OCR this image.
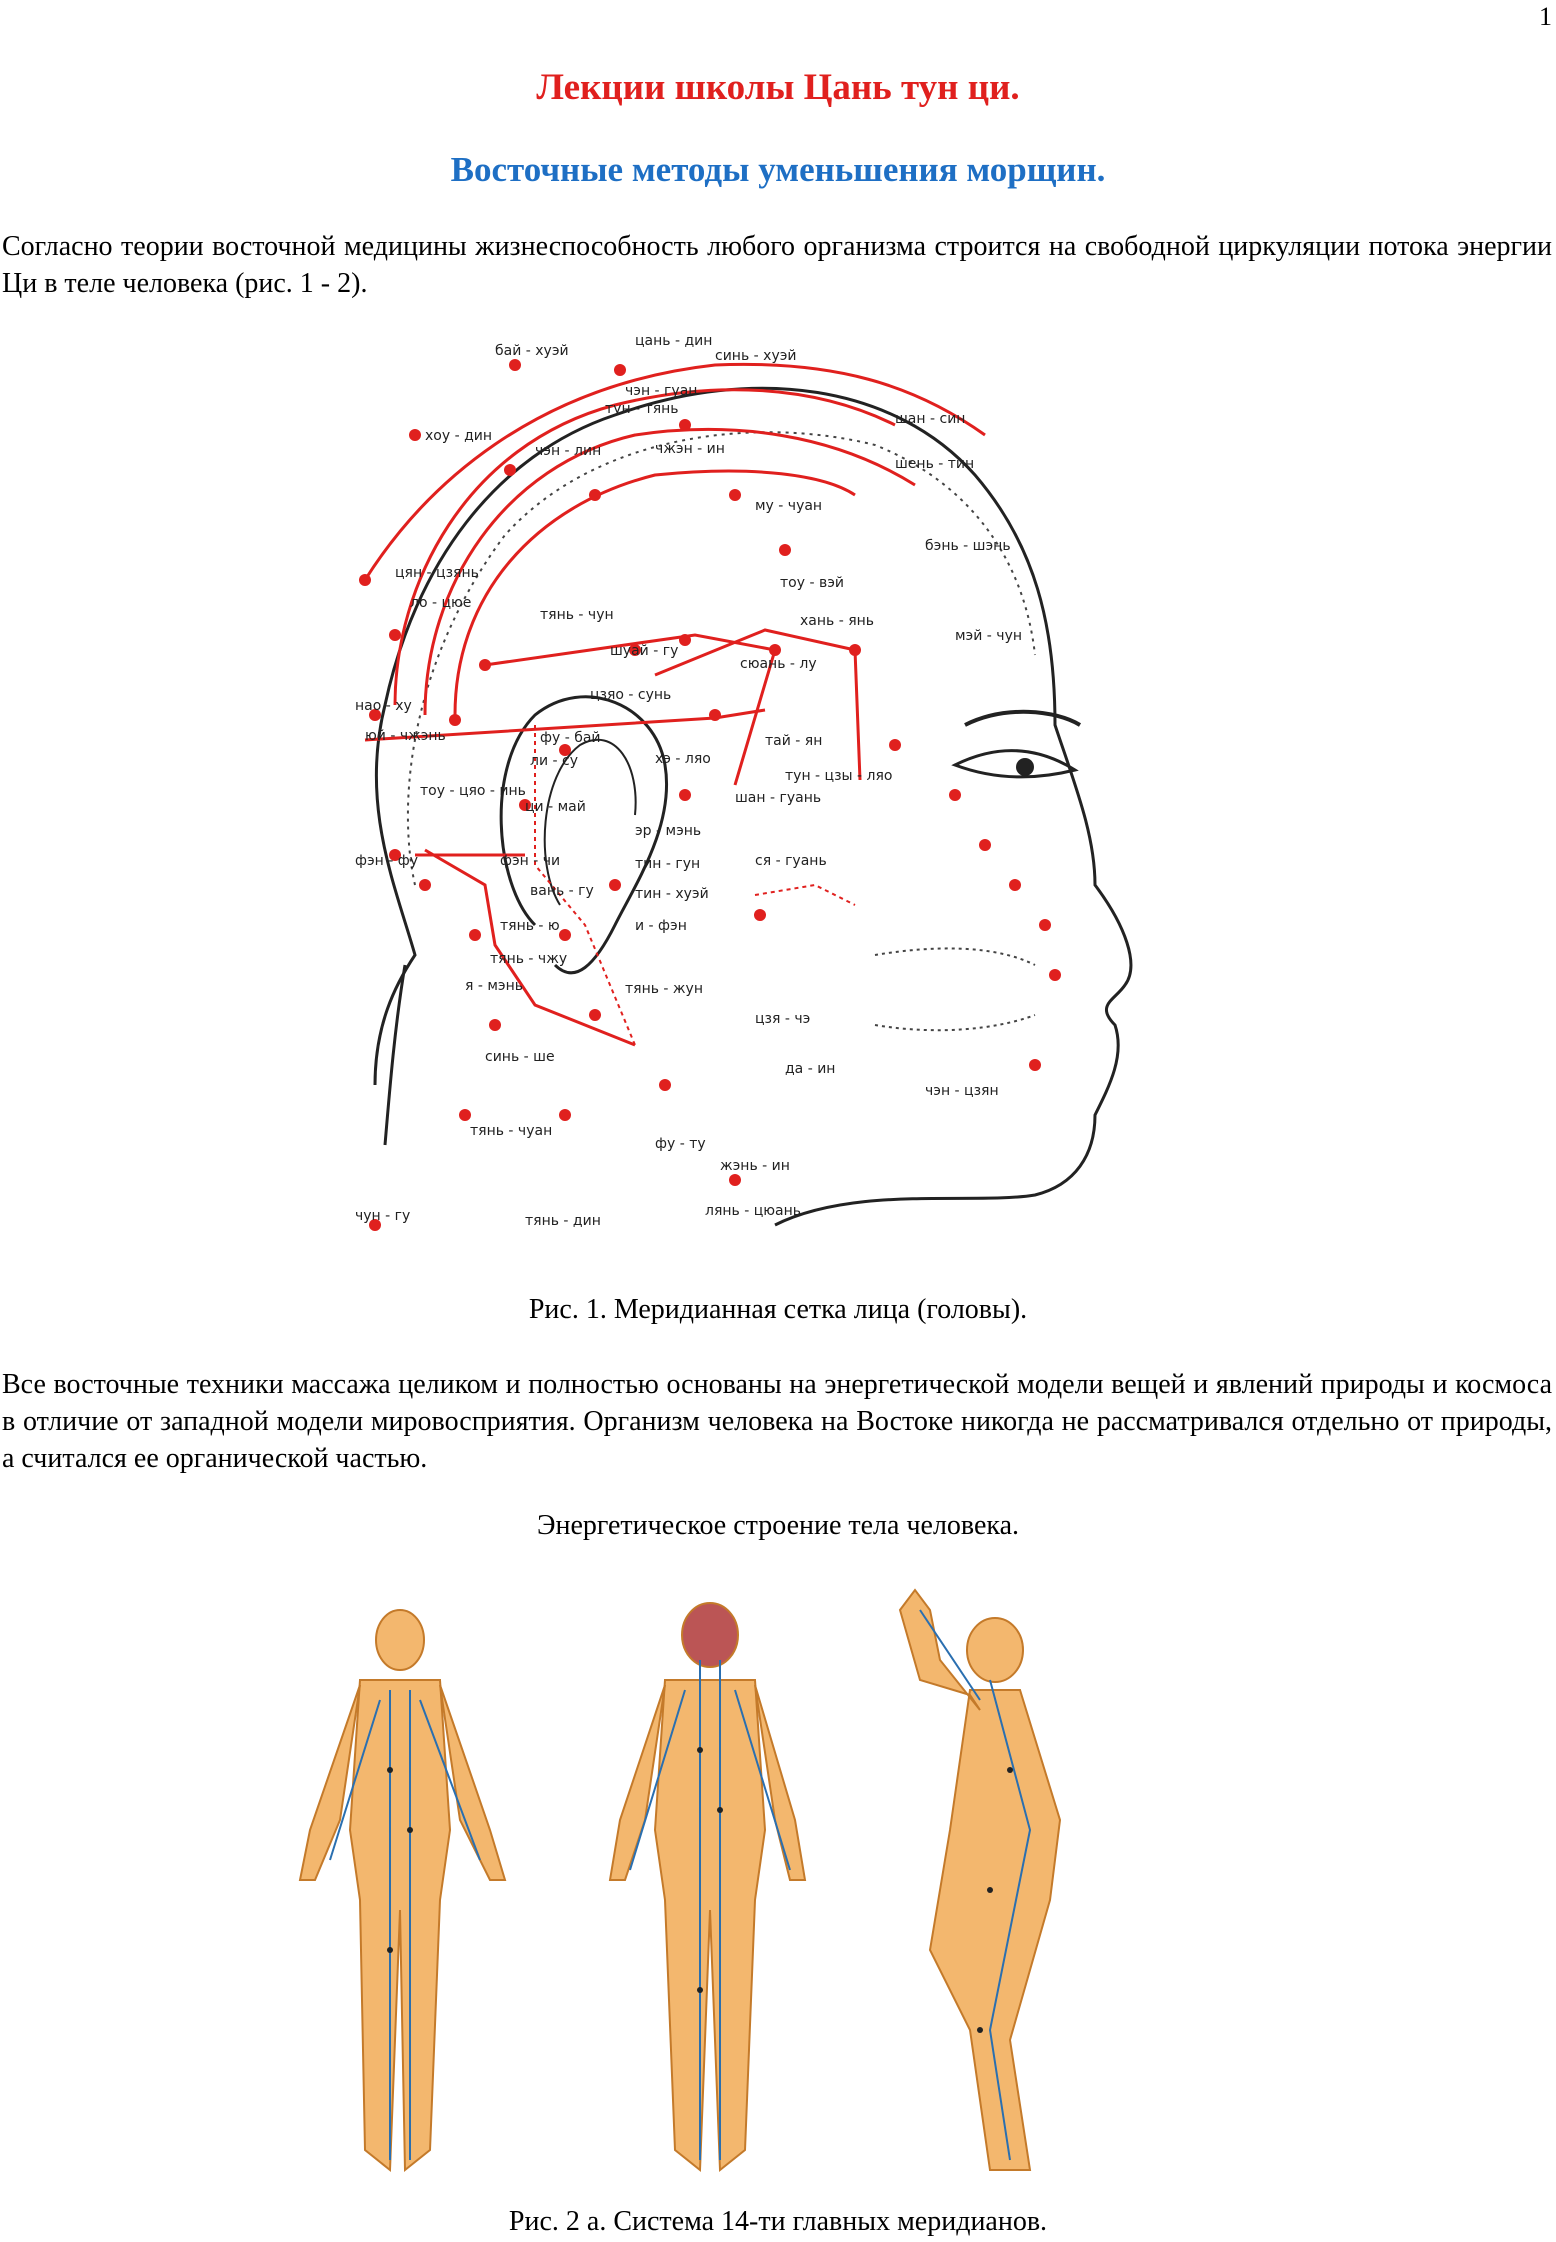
1
Лекции школы Цань тун ци.
Восточные методы уменьшения морщин.
Согласно теории восточной медицины жизнеспособность любого организма строится на свободной циркуляции потока энергии Ци в теле человека (рис. 1 - 2).
цань - дин
бай - хуэй	синь - хуэй
чэн - гуан
тун - тянь
шан - син
хоу - дин
чэн - лин	чжэн - ин
шень - тин
му - чуан
бэнь - шэнь
цян - цзянь
ло - цюе
тоу - вэй
тянь - чун
шуай - гу
хань - янь
мэй - чун
сюань - лу
цзяо - сунь
нао - ху
фу - бай
юй - чжэнь
ли - су
тай - ян
тоу - цяо - инь
ци - май
хэ - ляо
тун - цзы - ляо
шан - гуань
эр - мэнь
тин - гун	ся - гуань
тин - хуэй
и - фэн
фэн - фу	фэн - чи
вань - гу
тянь - ю
тянь - чжу
я - мэнь	тянь - жун
цзя - чэ
синь - ше
да - ин
чэн - цзян
тянь - чуан
фу - ту
жэнь - ин
чун - гу	тянь - дин
лянь - цюань
Рис. 1. Меридианная сетка лица (головы).
Все восточные техники массажа целиком и полностью основаны на энергетической модели вещей и явлений природы и космоса в отличие от западной модели мировосприятия. Организм человека на Востоке никогда не рассматривался отдельно от природы, а считался ее органической частью.
Энергетическое строение тела человека.
Рис. 2 а. Система 14-ти главных меридианов.
